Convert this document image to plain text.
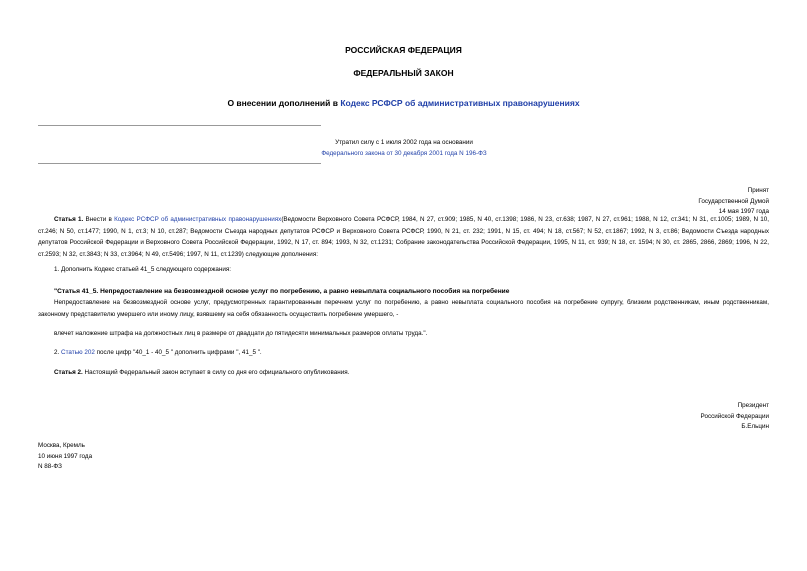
РОССИЙСКАЯ ФЕДЕРАЦИЯ
ФЕДЕРАЛЬНЫЙ ЗАКОН
О внесении дополнений в Кодекс РСФСР об административных правонарушениях
Утратил силу с 1 июля 2002 года на основании
Федерального закона от 30 декабря 2001 года N 196-ФЗ
Принят
Государственной Думой
14 мая 1997 года
Статья 1. Внести в Кодекс РСФСР об административных правонарушениях(Ведомости Верховного Совета РСФСР, 1984, N 27, ст.909; 1985, N 40, ст.1398; 1986, N 23, ст.638; 1987, N 27, ст.961; 1988, N 12, ст.341; N 31, ст.1005; 1989, N 10, ст.246; N 50, ст.1477; 1990, N 1, ст.3; N 10, ст.287; Ведомости Съезда народных депутатов РСФСР и Верховного Совета РСФСР, 1990, N 21, ст. 232; 1991, N 15, ст. 494; N 18, ст.567; N 52, ст.1867; 1992, N 3, ст.86; Ведомости Съезда народных депутатов Российской Федерации и Верховного Совета Российской Федерации, 1992, N 17, ст. 894; 1993, N 32, ст.1231; Собрание законодательства Российской Федерации, 1995, N 11, ст. 939; N 18, ст. 1594; N 30, ст. 2865, 2866, 2869; 1996, N 22, ст.2593; N 32, ст.3843; N 33, ст.3964; N 49, ст.5496; 1997, N 11, ст.1239) следующие дополнения:
1. Дополнить Кодекс статьей 41_5 следующего содержания:
"Статья 41_5. Непредоставление на безвозмездной основе услуг по погребению, а равно невыплата социального пособия на погребение
Непредоставление на безвозмездной основе услуг, предусмотренных гарантированным перечнем услуг по погребению, а равно невыплата социального пособия на погребение супругу, близким родственникам, иным родственникам, законному представителю умершего или иному лицу, взявшему на себя обязанность осуществить погребение умершего, -
влечет наложение штрафа на должностных лиц в размере от двадцати до пятидесяти минимальных размеров оплаты труда.".
2. Статью 202 после цифр "40_1 - 40_5 " дополнить цифрами ", 41_5 ".
Статья 2. Настоящий Федеральный закон вступает в силу со дня его официального опубликования.
Президент
Российской Федерации
Б.Ельцин
Москва, Кремль
10 июня 1997 года
N 88-ФЗ
